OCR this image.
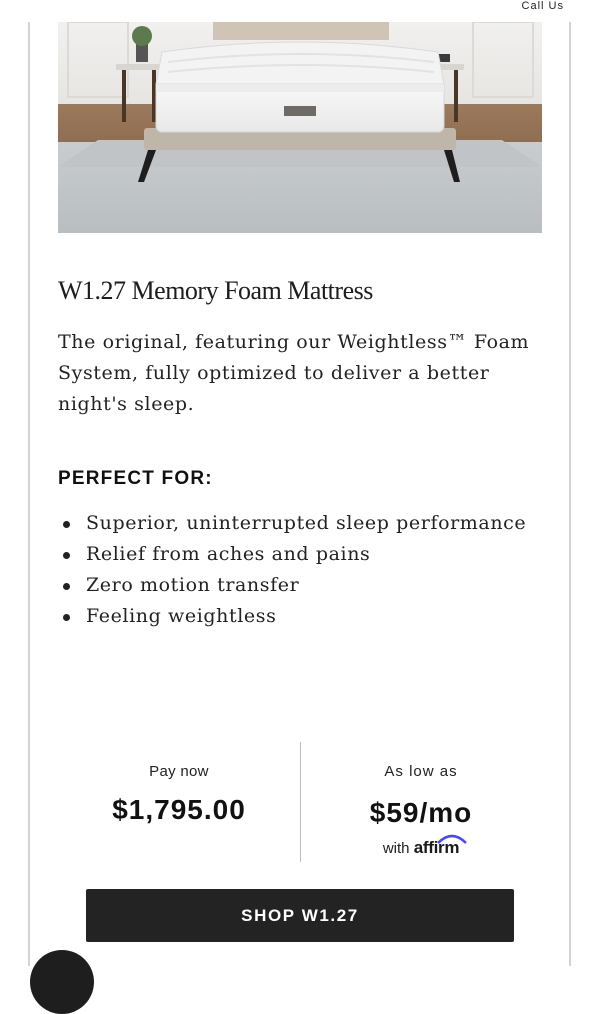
Call Us
W1.27 Memory Foam Mattress
The original, featuring our Weightless™ Foam System, fully optimized to deliver a better night's sleep.
PERFECT FOR:
Superior, uninterrupted sleep performance
Relief from aches and pains
Zero motion transfer
Feeling weightless
Pay now
$1,795.00
As low as
$59/mo
with affirm
SHOP W1.27
